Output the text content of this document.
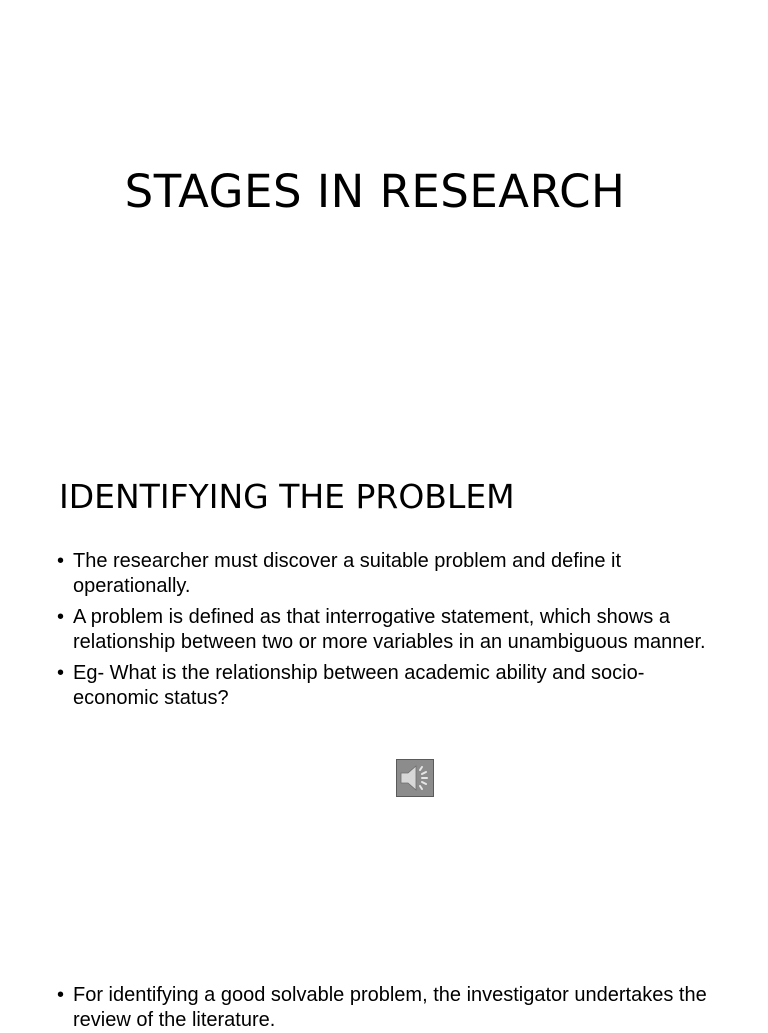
STAGES IN RESEARCH
IDENTIFYING THE PROBLEM
• The researcher must discover a suitable problem and define it operationally.
• A problem is defined as that interrogative statement, which shows a relationship between two or more variables in an unambiguous manner.
• Eg- What is the relationship between academic ability and socio-economic status?
• For identifying a good solvable problem, the investigator undertakes the review of the literature.
